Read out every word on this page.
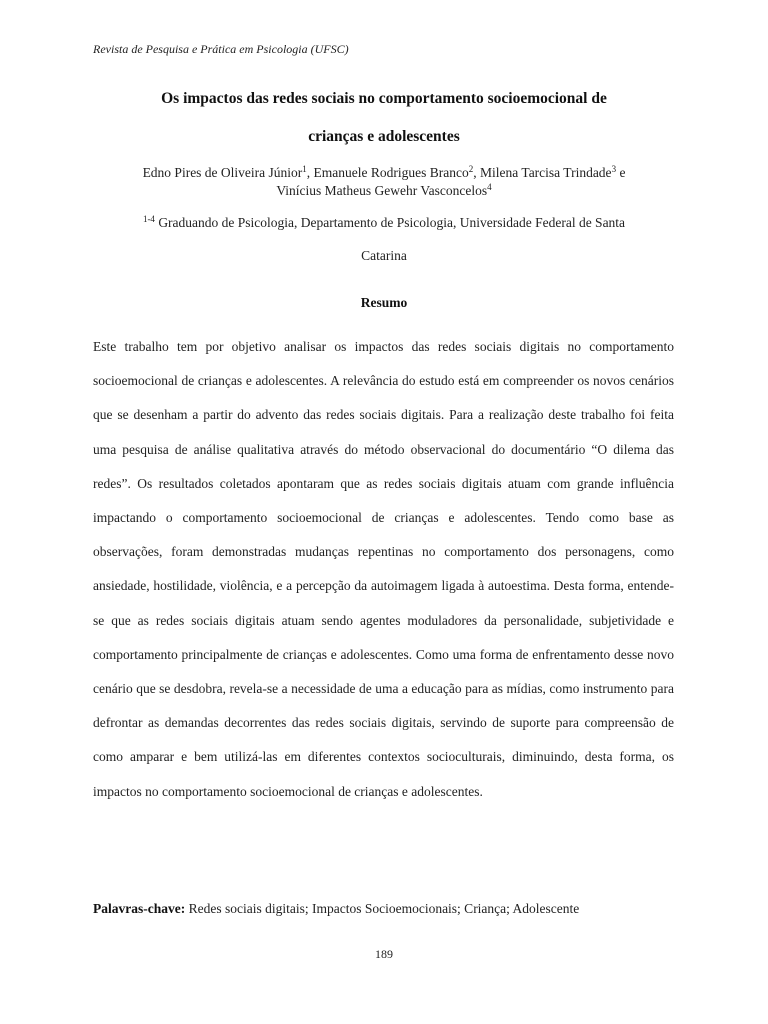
Revista de Pesquisa e Prática em Psicologia (UFSC)
Os impactos das redes sociais no comportamento socioemocional de
crianças e adolescentes
Edno Pires de Oliveira Júnior$^1$, Emanuele Rodrigues Branco$^2$, Milena Tarcisa Trindade$^3$ e
Vinícius Matheus Gewehr Vasconcelos$^4$
$^{1-4}$ Graduando de Psicologia, Departamento de Psicologia, Universidade Federal de Santa
Catarina
Resumo

Este trabalho tem por objetivo analisar os impactos das redes sociais digitais no comportamento socioemocional de crianças e adolescentes. A relevância do estudo está em compreender os novos cenários que se desenham a partir do advento das redes sociais digitais. Para a realização deste trabalho foi feita uma pesquisa de análise qualitativa através do método observacional do documentário “O dilema das redes”. Os resultados coletados apontaram que as redes sociais digitais atuam com grande influência impactando o comportamento socioemocional de crianças e adolescentes. Tendo como base as observações, foram demonstradas mudanças repentinas no comportamento dos personagens, como ansiedade, hostilidade, violência, e a percepção da autoimagem ligada à autoestima. Desta forma, entende-se que as redes sociais digitais atuam sendo agentes moduladores da personalidade, subjetividade e comportamento principalmente de crianças e adolescentes. Como uma forma de enfrentamento desse novo cenário que se desdobra, revela-se a necessidade de uma a educação para as mídias, como instrumento para defrontar as demandas decorrentes das redes sociais digitais, servindo de suporte para compreensão de como amparar e bem utilizá-las em diferentes contextos socioculturais, diminuindo, desta forma, os impactos no comportamento socioemocional de crianças e adolescentes.

Palavras-chave: Redes sociais digitais; Impactos Socioemocionais; Criança; Adolescente
189
